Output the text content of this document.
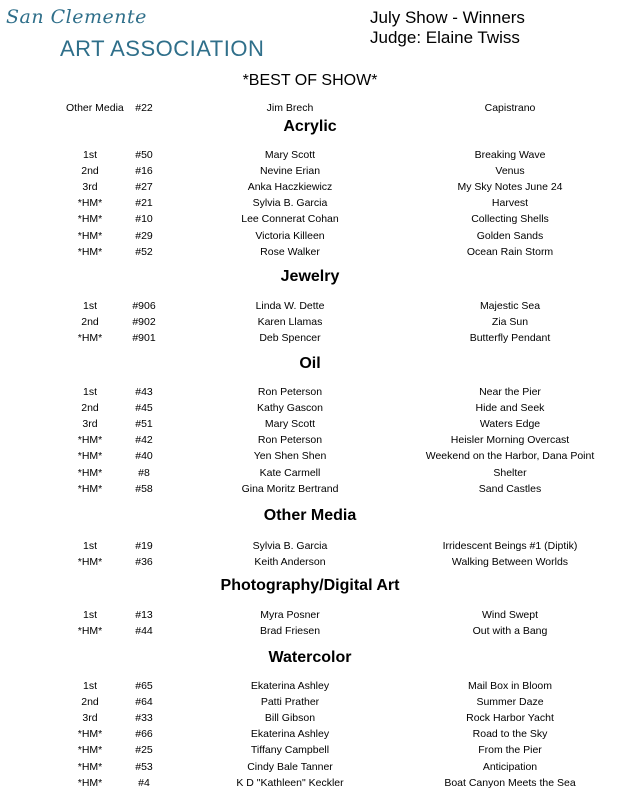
San Clemente
ART ASSOCIATION
July Show - Winners
Judge: Elaine Twiss
*BEST OF SHOW*
Other Media	#22	Jim Brech	Capistrano
Acrylic
1st	#50	Mary Scott	Breaking Wave
2nd	#16	Nevine Erian	Venus
3rd	#27	Anka Haczkiewicz	My Sky Notes June 24
*HM*	#21	Sylvia B. Garcia	Harvest
*HM*	#10	Lee Connerat Cohan	Collecting Shells
*HM*	#29	Victoria Killeen	Golden Sands
*HM*	#52	Rose Walker	Ocean Rain Storm
Jewelry
1st	#906	Linda W. Dette	Majestic Sea
2nd	#902	Karen Llamas	Zia Sun
*HM*	#901	Deb Spencer	Butterfly Pendant
Oil
1st	#43	Ron Peterson	Near the Pier
2nd	#45	Kathy Gascon	Hide and Seek
3rd	#51	Mary Scott	Waters Edge
*HM*	#42	Ron Peterson	Heisler Morning Overcast
*HM*	#40	Yen Shen Shen	Weekend on the Harbor, Dana Point
*HM*	#8	Kate Carmell	Shelter
*HM*	#58	Gina Moritz Bertrand	Sand Castles
Other Media
1st	#19	Sylvia B. Garcia	Irridescent Beings #1 (Diptik)
*HM*	#36	Keith Anderson	Walking Between Worlds
Photography/Digital Art
1st	#13	Myra Posner	Wind Swept
*HM*	#44	Brad Friesen	Out with a Bang
Watercolor
1st	#65	Ekaterina Ashley	Mail Box in Bloom
2nd	#64	Patti Prather	Summer Daze
3rd	#33	Bill Gibson	Rock Harbor Yacht
*HM*	#66	Ekaterina Ashley	Road to the Sky
*HM*	#25	Tiffany Campbell	From the Pier
*HM*	#53	Cindy Bale Tanner	Anticipation
*HM*	#4	K D "Kathleen" Keckler	Boat Canyon Meets the Sea
